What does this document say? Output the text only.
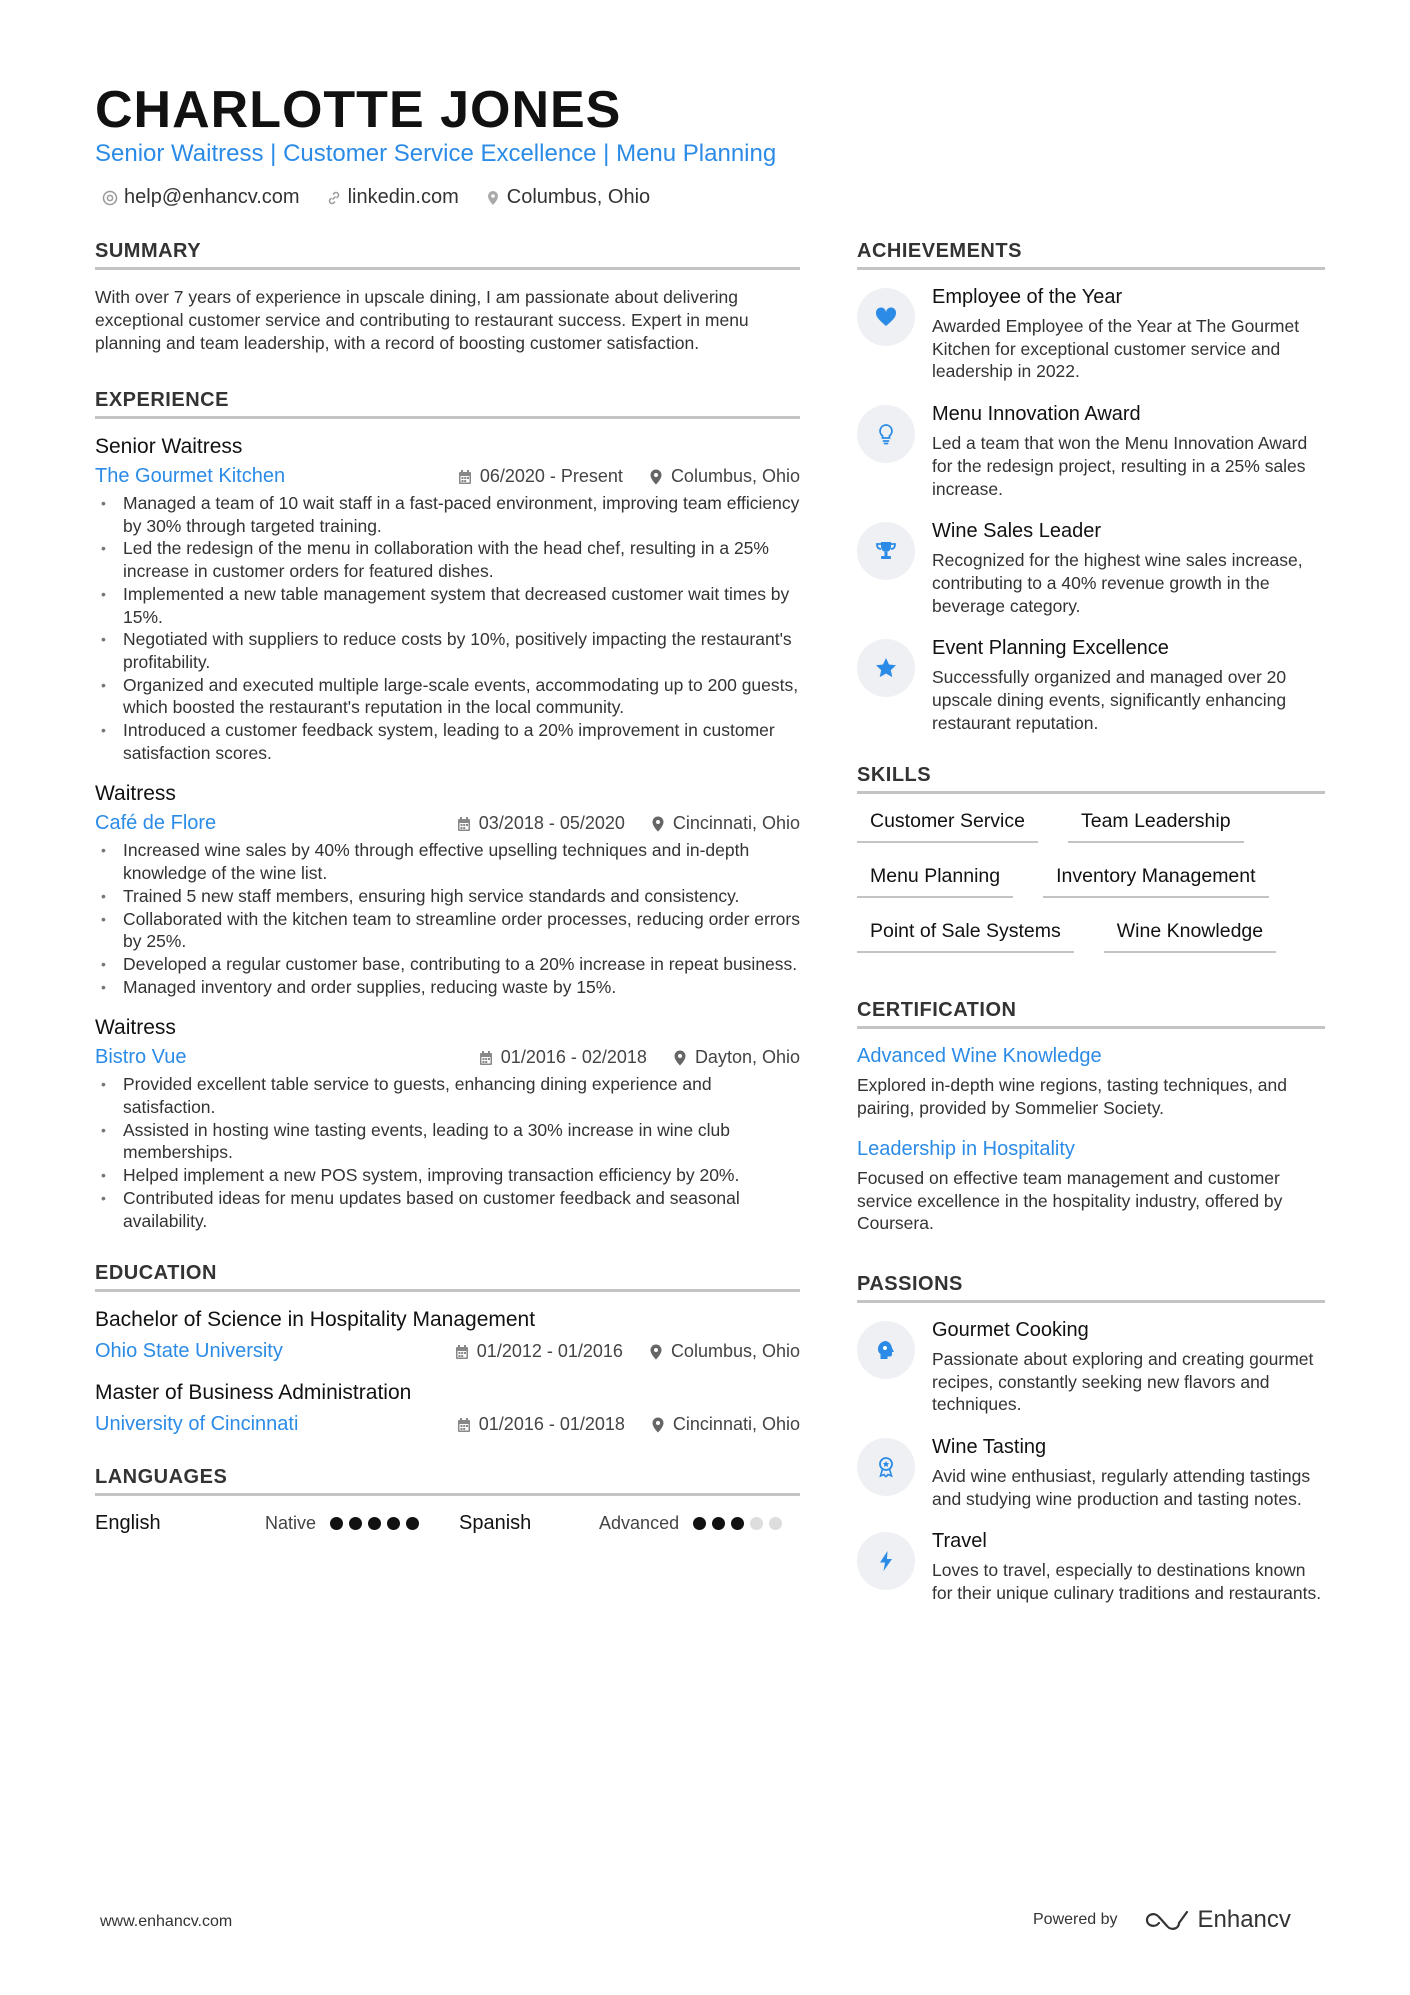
CHARLOTTE JONES
Senior Waitress | Customer Service Excellence | Menu Planning
help@enhancv.com linkedin.com Columbus, Ohio
SUMMARY

With over 7 years of experience in upscale dining, I am passionate about delivering exceptional customer service and contributing to restaurant success. Expert in menu planning and team leadership, with a record of boosting customer satisfaction.

EXPERIENCE
Senior Waitress
The Gourmet Kitchen	06/2020 - Present	Columbus, Ohio
• Managed a team of 10 wait staff in a fast-paced environment, improving team efficiency by 30% through targeted training.
• Led the redesign of the menu in collaboration with the head chef, resulting in a 25% increase in customer orders for featured dishes.
• Implemented a new table management system that decreased customer wait times by 15%.
• Negotiated with suppliers to reduce costs by 10%, positively impacting the restaurant's profitability.
• Organized and executed multiple large-scale events, accommodating up to 200 guests, which boosted the restaurant's reputation in the local community.
• Introduced a customer feedback system, leading to a 20% improvement in customer satisfaction scores.
Waitress
Café de Flore	03/2018 - 05/2020	Cincinnati, Ohio
• Increased wine sales by 40% through effective upselling techniques and in-depth knowledge of the wine list.
• Trained 5 new staff members, ensuring high service standards and consistency.
• Collaborated with the kitchen team to streamline order processes, reducing order errors by 25%.
• Developed a regular customer base, contributing to a 20% increase in repeat business.
• Managed inventory and order supplies, reducing waste by 15%.
Waitress
Bistro Vue	01/2016 - 02/2018	Dayton, Ohio
• Provided excellent table service to guests, enhancing dining experience and satisfaction.
• Assisted in hosting wine tasting events, leading to a 30% increase in wine club memberships.
• Helped implement a new POS system, improving transaction efficiency by 20%.
• Contributed ideas for menu updates based on customer feedback and seasonal availability.
EDUCATION
Bachelor of Science in Hospitality Management
Ohio State University	01/2012 - 01/2016	Columbus, Ohio
Master of Business Administration
University of Cincinnati	01/2016 - 01/2018	Cincinnati, Ohio
LANGUAGES
English	Native	Spanish	Advanced
ACHIEVEMENTS
Employee of the Year
Awarded Employee of the Year at The Gourmet Kitchen for exceptional customer service and leadership in 2022.
Menu Innovation Award
Led a team that won the Menu Innovation Award for the redesign project, resulting in a 25% sales increase.
Wine Sales Leader
Recognized for the highest wine sales increase, contributing to a 40% revenue growth in the beverage category.
Event Planning Excellence
Successfully organized and managed over 20 upscale dining events, significantly enhancing restaurant reputation.
SKILLS
Customer Service	Team Leadership
Menu Planning	Inventory Management
Point of Sale Systems	Wine Knowledge
CERTIFICATION
Advanced Wine Knowledge
Explored in-depth wine regions, tasting techniques, and pairing, provided by Sommelier Society.
Leadership in Hospitality
Focused on effective team management and customer service excellence in the hospitality industry, offered by Coursera.
PASSIONS
Gourmet Cooking
Passionate about exploring and creating gourmet recipes, constantly seeking new flavors and techniques.
Wine Tasting
Avid wine enthusiast, regularly attending tastings and studying wine production and tasting notes.
Travel
Loves to travel, especially to destinations known for their unique culinary traditions and restaurants.
www.enhancv.com	Powered by	Enhancv
